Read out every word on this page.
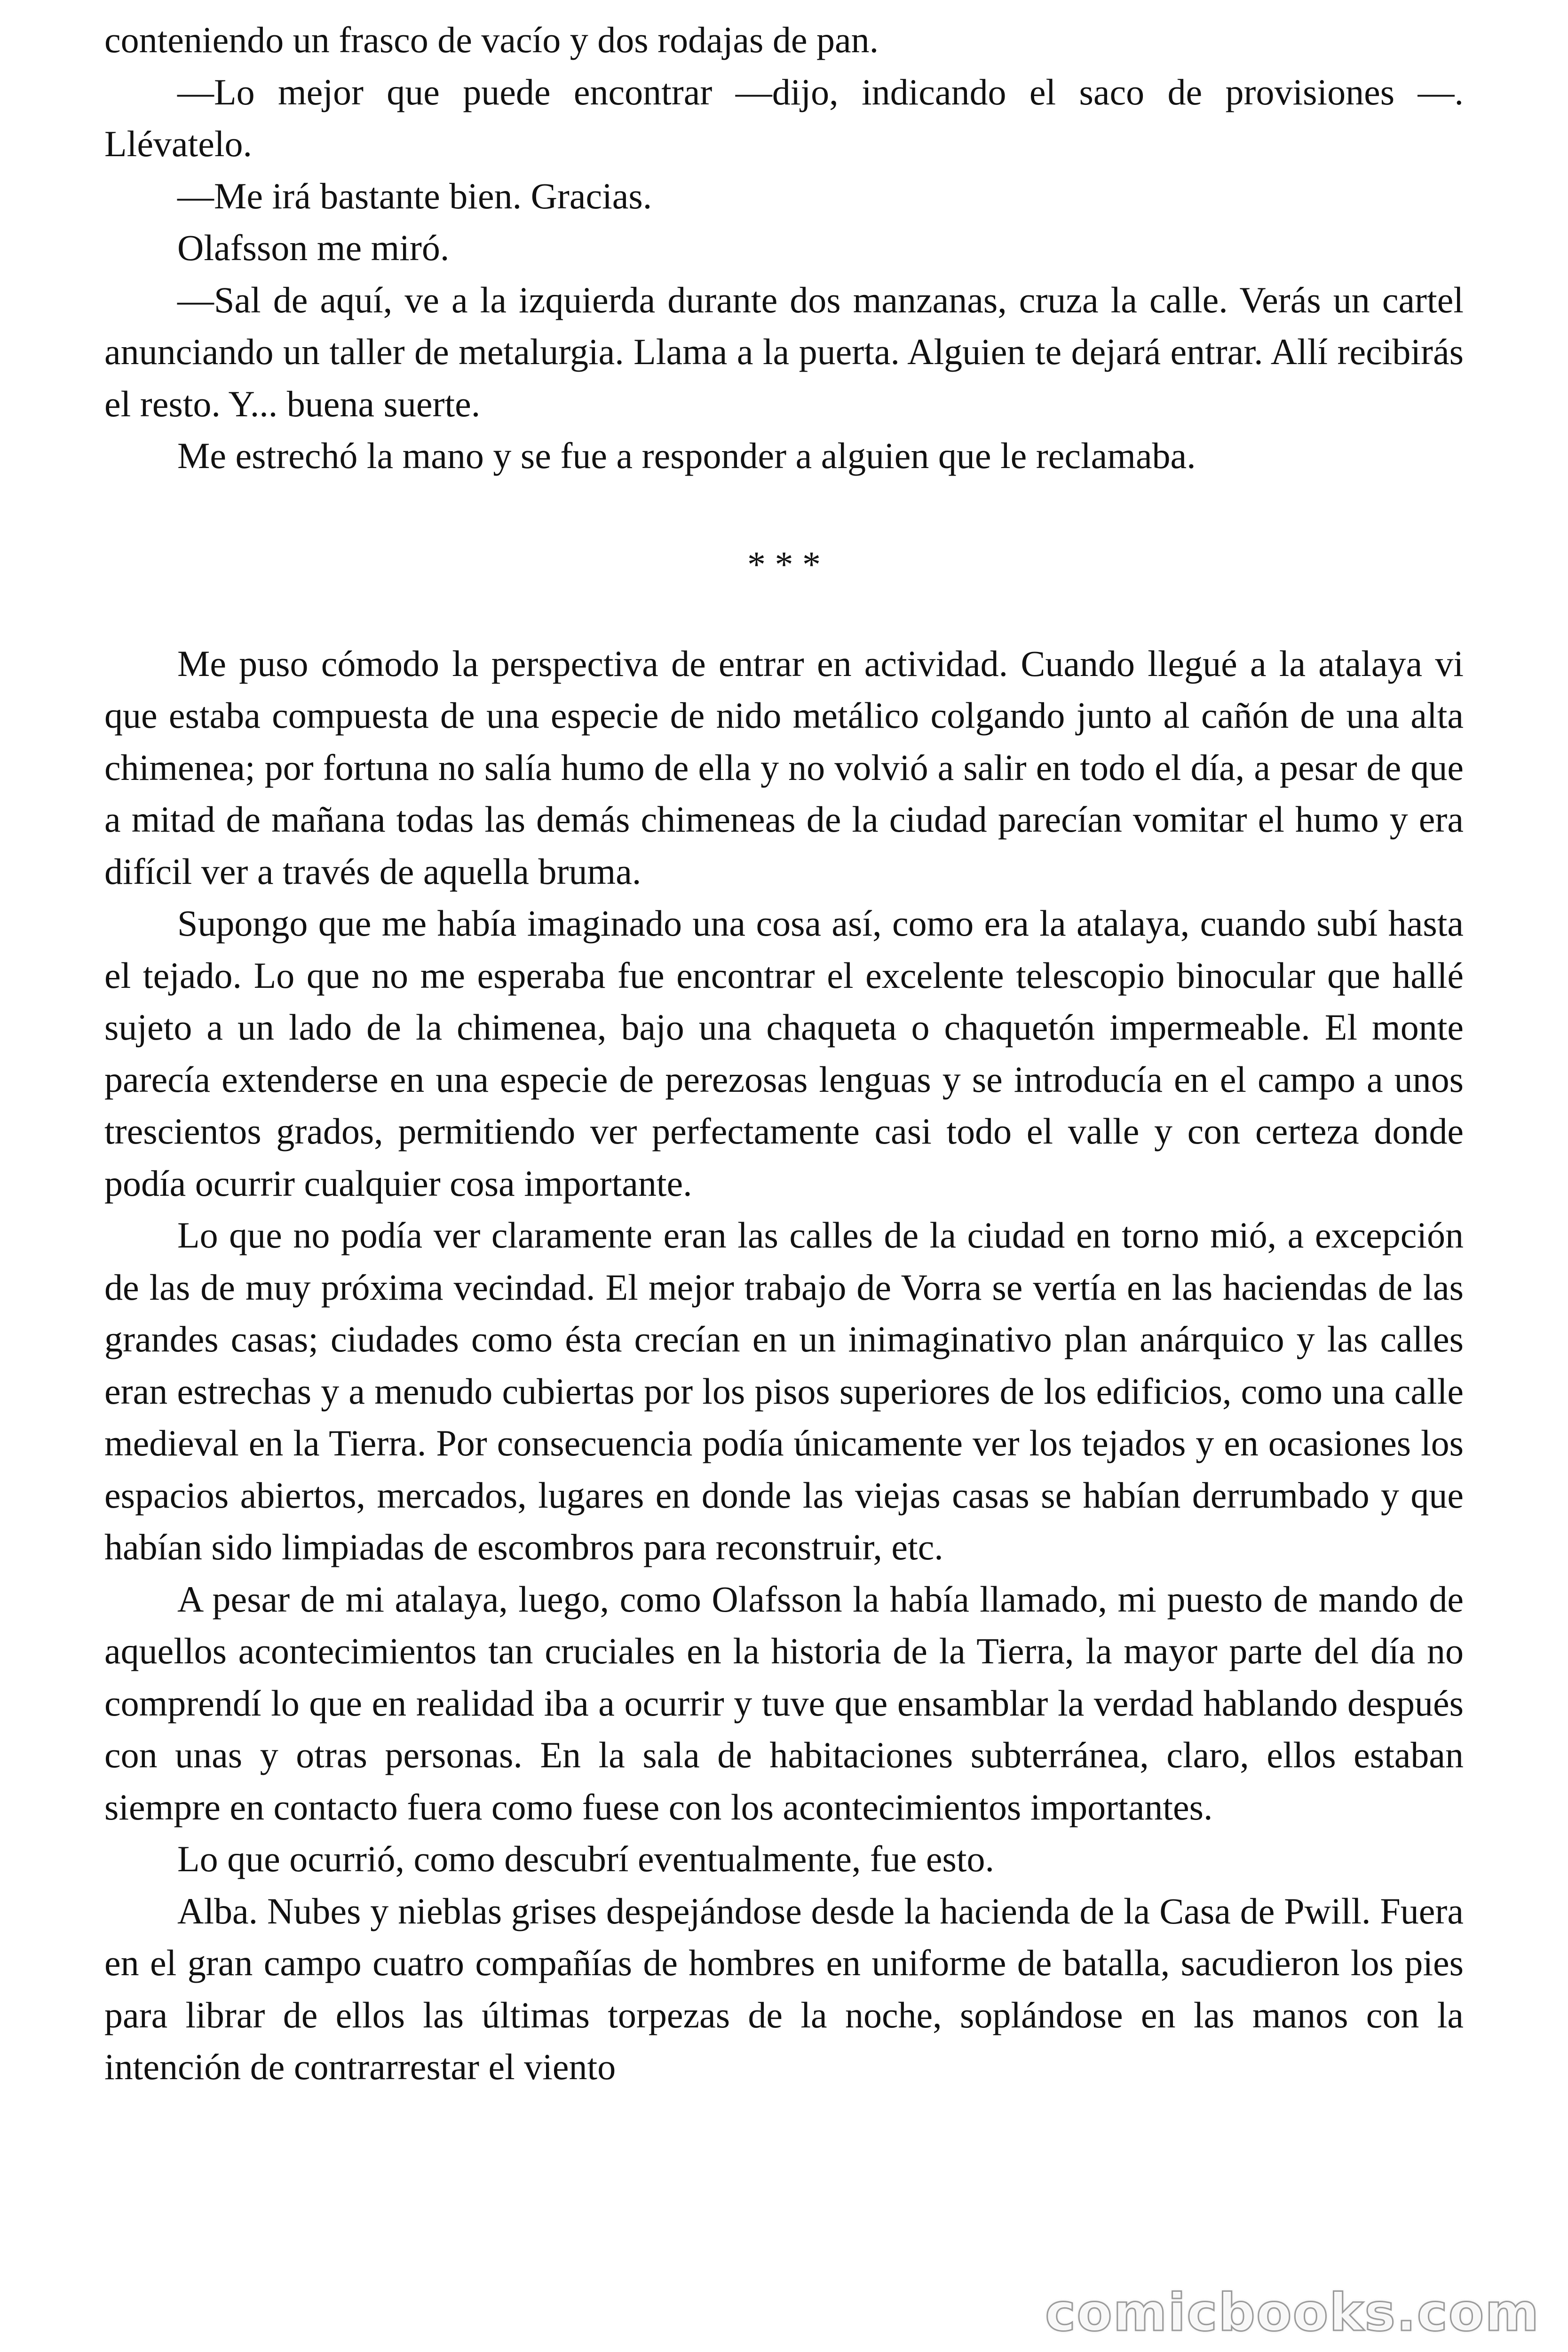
conteniendo un frasco de vacío y dos rodajas de pan.

—Lo mejor que puede encontrar —dijo, indicando el saco de provisiones —. Llévatelo.

—Me irá bastante bien. Gracias.

Olafsson me miró.

—Sal de aquí, ve a la izquierda durante dos manzanas, cruza la calle. Verás un cartel anunciando un taller de metalurgia. Llama a la puerta. Alguien te dejará entrar. Allí recibirás el resto. Y... buena suerte.

Me estrechó la mano y se fue a responder a alguien que le reclamaba.

* * *

Me puso cómodo la perspectiva de entrar en actividad. Cuando llegué a la atalaya vi que estaba compuesta de una especie de nido metálico colgando junto al cañón de una alta chimenea; por fortuna no salía humo de ella y no volvió a salir en todo el día, a pesar de que a mitad de mañana todas las demás chimeneas de la ciudad parecían vomitar el humo y era difícil ver a través de aquella bruma.

Supongo que me había imaginado una cosa así, como era la atalaya, cuando subí hasta el tejado. Lo que no me esperaba fue encontrar el excelente telescopio binocular que hallé sujeto a un lado de la chimenea, bajo una chaqueta o chaquetón impermeable. El monte parecía extenderse en una especie de perezosas lenguas y se introducía en el campo a unos trescientos grados, permitiendo ver perfectamente casi todo el valle y con certeza donde podía ocurrir cualquier cosa importante.

Lo que no podía ver claramente eran las calles de la ciudad en torno mió, a excepción de las de muy próxima vecindad. El mejor trabajo de Vorra se vertía en las haciendas de las grandes casas; ciudades como ésta crecían en un inimaginativo plan anárquico y las calles eran estrechas y a menudo cubiertas por los pisos superiores de los edificios, como una calle medieval en la Tierra. Por consecuencia podía únicamente ver los tejados y en ocasiones los espacios abiertos, mercados, lugares en donde las viejas casas se habían derrumbado y que habían sido limpiadas de escombros para reconstruir, etc.

A pesar de mi atalaya, luego, como Olafsson la había llamado, mi puesto de mando de aquellos acontecimientos tan cruciales en la historia de la Tierra, la mayor parte del día no comprendí lo que en realidad iba a ocurrir y tuve que ensamblar la verdad hablando después con unas y otras personas. En la sala de habitaciones subterránea, claro, ellos estaban siempre en contacto fuera como fuese con los acontecimientos importantes.

Lo que ocurrió, como descubrí eventualmente, fue esto.

Alba. Nubes y nieblas grises despejándose desde la hacienda de la Casa de Pwill. Fuera en el gran campo cuatro compañías de hombres en uniforme de batalla, sacudieron los pies para librar de ellos las últimas torpezas de la noche, soplándose en las manos con la intención de contrarrestar el viento

comicbooks.com
